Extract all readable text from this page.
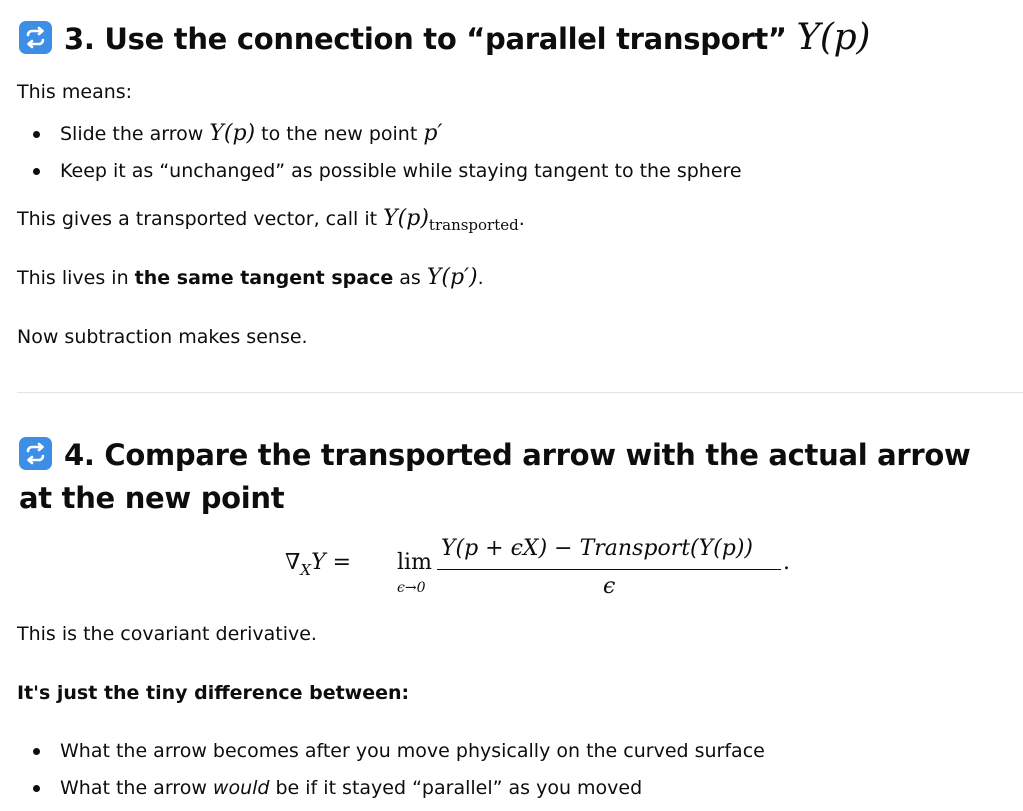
3. Use the connection to “parallel transport” Y(p)

This means:

Slide the arrow Y(p) to the new point p′
Keep it as “unchanged” as possible while staying tangent to the sphere

This gives a transported vector, call it $Y(p)_{transported}$.

This lives in the same tangent space as Y(p′).

Now subtraction makes sense.

4. Compare the transported arrow with the actual arrow at the new point
$\nabla_XY = \lim$
ϵ→0
Y(p + ϵX) − Transport(Y(p))
ϵ
.

This is the covariant derivative.

It's just the tiny difference between:

What the arrow becomes after you move physically on the curved surface
What the arrow would be if it stayed “parallel” as you moved
